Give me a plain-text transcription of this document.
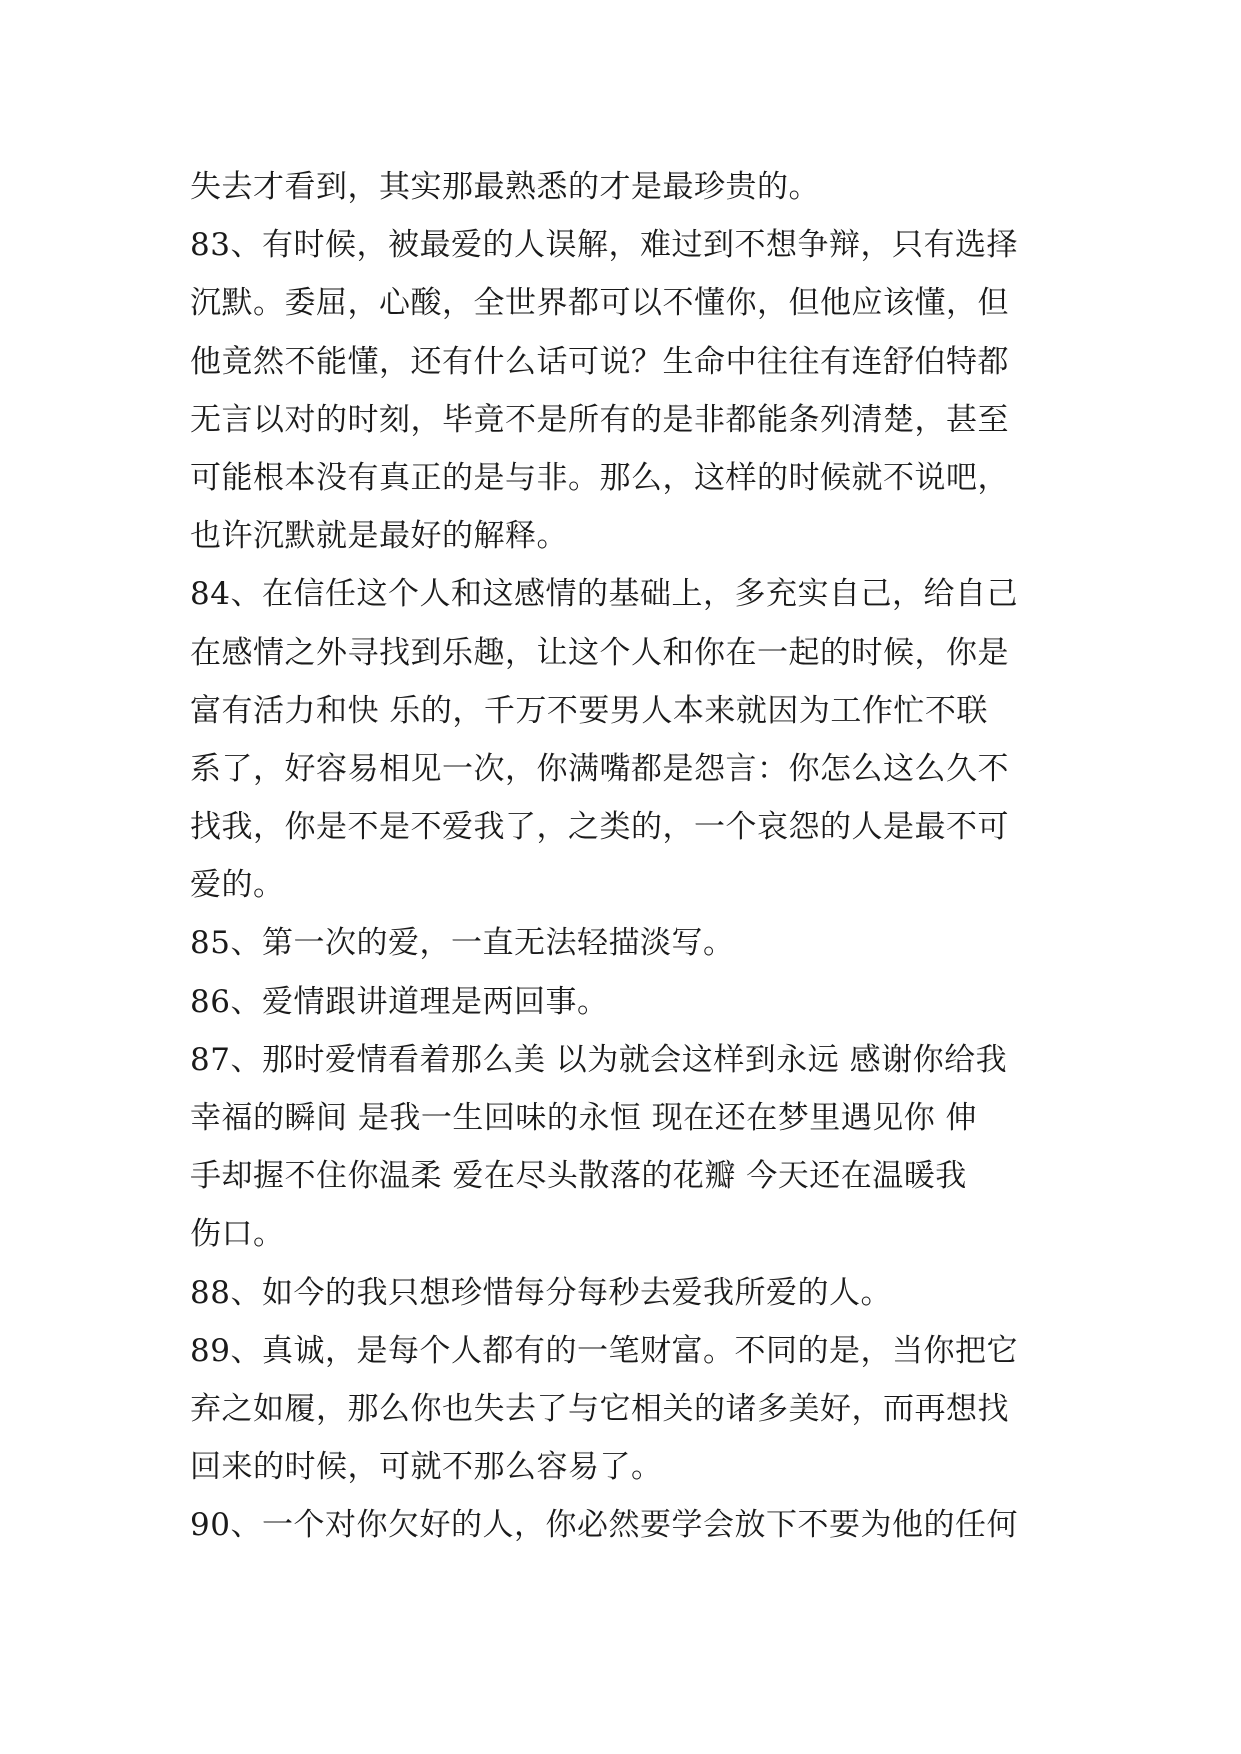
失去才看到，其实那最熟悉的才是最珍贵的。
83、有时候，被最爱的人误解，难过到不想争辩，只有选择
沉默。委屈，心酸，全世界都可以不懂你，但他应该懂，但
他竟然不能懂，还有什么话可说？生命中往往有连舒伯特都
无言以对的时刻，毕竟不是所有的是非都能条列清楚，甚至
可能根本没有真正的是与非。那么，这样的时候就不说吧，
也许沉默就是最好的解释。
84、在信任这个人和这感情的基础上，多充实自己，给自己
在感情之外寻找到乐趣，让这个人和你在一起的时候，你是
富有活力和快 乐的，千万不要男人本来就因为工作忙不联
系了，好容易相见一次，你满嘴都是怨言：你怎么这么久不
找我，你是不是不爱我了，之类的，一个哀怨的人是最不可
爱的。
85、第一次的爱，一直无法轻描淡写。
86、爱情跟讲道理是两回事。
87、那时爱情看着那么美 以为就会这样到永远 感谢你给我
幸福的瞬间 是我一生回味的永恒 现在还在梦里遇见你 伸
手却握不住你温柔 爱在尽头散落的花瓣 今天还在温暖我
伤口。
88、如今的我只想珍惜每分每秒去爱我所爱的人。
89、真诚，是每个人都有的一笔财富。不同的是，当你把它
弃之如履，那么你也失去了与它相关的诸多美好，而再想找
回来的时候，可就不那么容易了。
90、一个对你欠好的人，你必然要学会放下不要为他的任何
